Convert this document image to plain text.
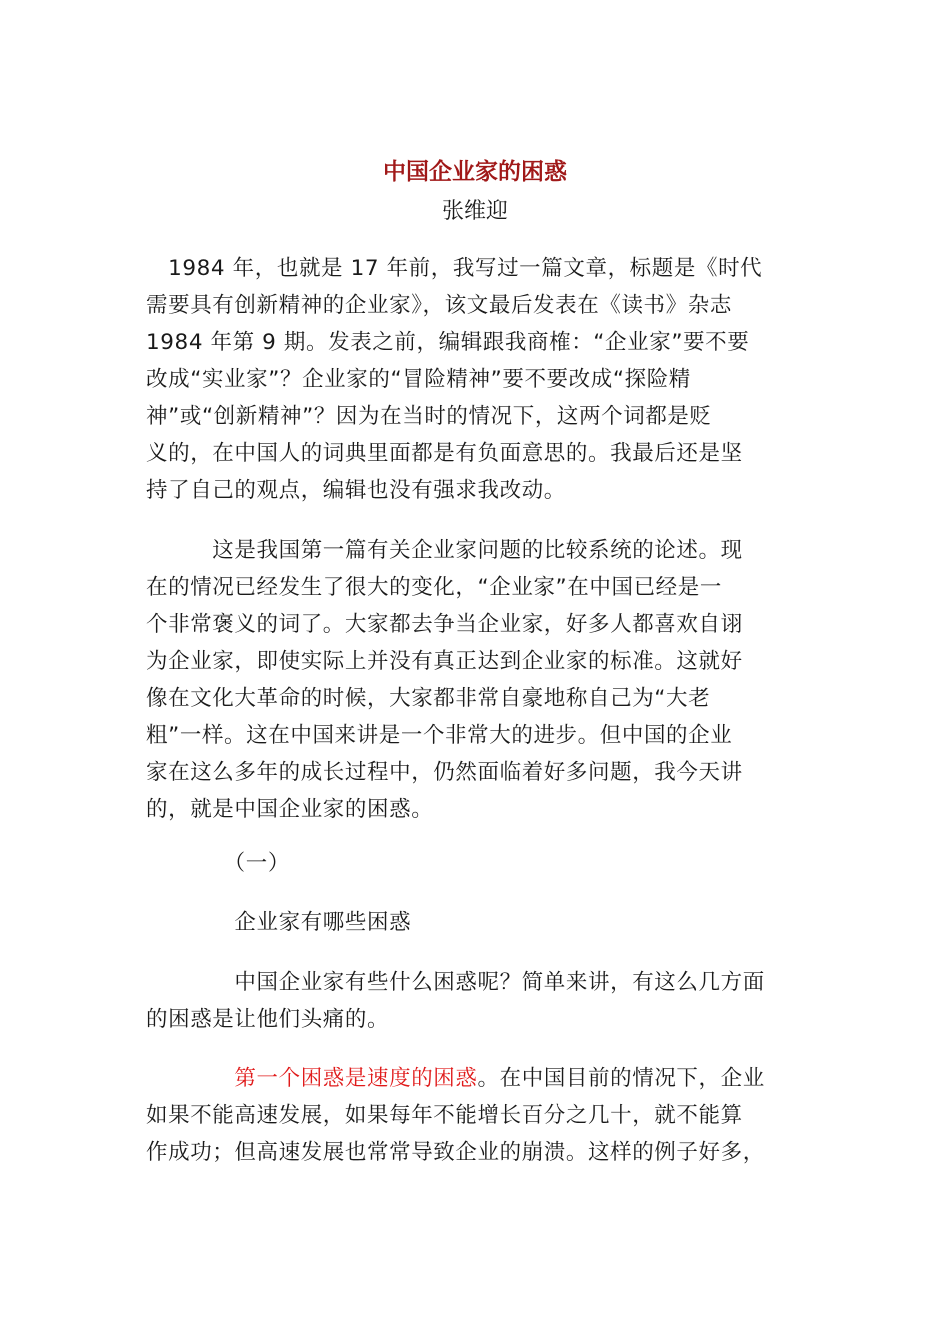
中国企业家的困惑
张维迎

　1984 年，也就是 17 年前，我写过一篇文章，标题是《时代
需要具有创新精神的企业家》，该文最后发表在《读书》杂志
1984 年第 9 期。发表之前，编辑跟我商榷：“企业家”要不要
改成“实业家”？企业家的“冒险精神”要不要改成“探险精
神”或“创新精神”？因为在当时的情况下，这两个词都是贬
义的，在中国人的词典里面都是有负面意思的。我最后还是坚
持了自己的观点，编辑也没有强求我改动。

　　　这是我国第一篇有关企业家问题的比较系统的论述。现
在的情况已经发生了很大的变化，“企业家”在中国已经是一
个非常褒义的词了。大家都去争当企业家，好多人都喜欢自诩
为企业家，即使实际上并没有真正达到企业家的标准。这就好
像在文化大革命的时候，大家都非常自豪地称自己为“大老
粗”一样。这在中国来讲是一个非常大的进步。但中国的企业
家在这么多年的成长过程中，仍然面临着好多问题，我今天讲
的，就是中国企业家的困惑。

　　　　（一）

　　　　企业家有哪些困惑

　　　　中国企业家有些什么困惑呢？简单来讲，有这么几方面
的困惑是让他们头痛的。

　　　　第一个困惑是速度的困惑。在中国目前的情况下，企业
如果不能高速发展，如果每年不能增长百分之几十，就不能算
作成功；但高速发展也常常导致企业的崩溃。这样的例子好多，
